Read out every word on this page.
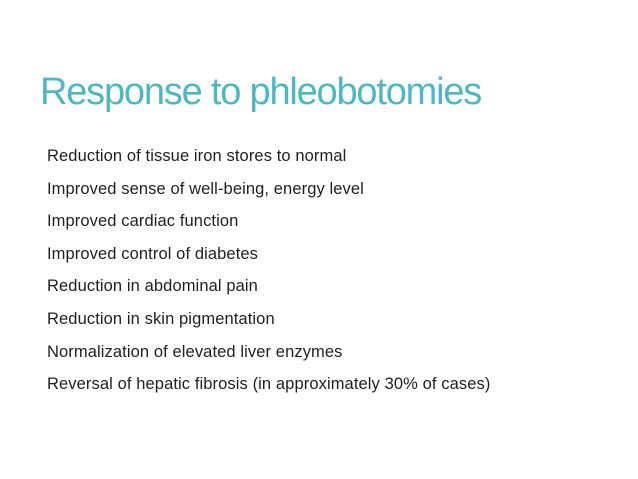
Response to phleobotomies
Reduction of tissue iron stores to normal
Improved sense of well-being, energy level
Improved cardiac function
Improved control of diabetes
Reduction in abdominal pain
Reduction in skin pigmentation
Normalization of elevated liver enzymes
Reversal of hepatic fibrosis (in approximately 30% of cases)
